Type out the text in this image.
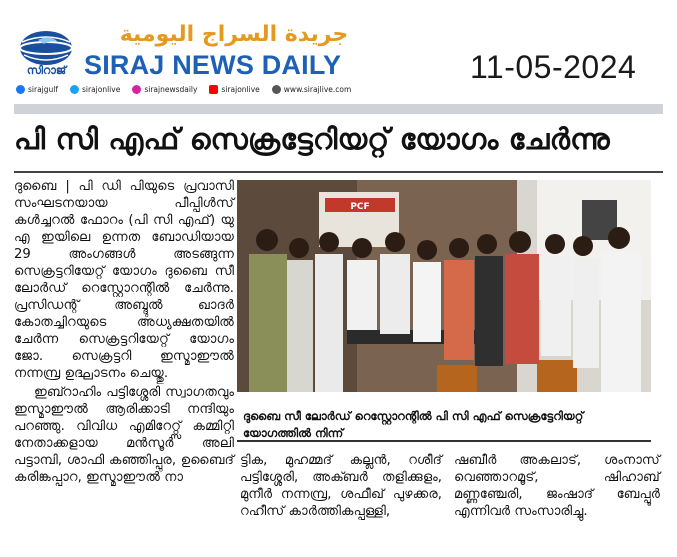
സിറാജ്
جريدة السراج اليومية
SIRAJ NEWS DAILY
sirajgulf	sirajonlive	sirajnewsdaily	sirajonlive	www.sirajlive.com
11-05-2024
പി സി എഫ് സെക്രട്ടേറിയറ്റ് യോഗം ചേർന്നു

ദുബൈ | പി ഡി പിയുടെ പ്രവാസി സംഘടനയായ പീപ്പിൾസ് കൾച്ചറൽ ഫോറം (പി സി എഫ്) യു എ ഇയിലെ ഉന്നത ബോഡിയായ 29 അംഗങ്ങൾ അടങ്ങുന്ന സെക്രട്ടറിയേറ്റ് യോഗം ദുബൈ സീ ലോർഡ് റെസ്റ്റോറന്റിൽ ചേർന്നു. പ്രസിഡന്റ് അബ്ദുൽ ഖാദർ കോതച്ചിറയുടെ അധ്യക്ഷതയിൽ ചേർന്ന സെക്രട്ടറിയേറ്റ് യോഗം ജോ. സെക്രട്ടറി ഇസ്മാഈൽ നന്നമ്പ്ര ഉദ്ഘാടനം ചെയ്തു.

ഇബ്റാഹിം പട്ടിശ്ശേരി സ്വാഗതവും ഇസ്മാഈൽ ആരിക്കാടി നന്ദിയും പറഞ്ഞു. വിവിധ എമിറേറ്റ്സ് കമ്മിറ്റി നേതാക്കളായ മൻസൂർ അലി പട്ടാമ്പി, ശാഫി കഞ്ഞിപ്പുര, ഉബൈദ് കരിങ്കപ്പാറ, ഇസ്മാഈൽ നാ

PCF
ദുബൈ സീ ലോർഡ് റെസ്റ്റോറന്റിൽ പി സി എഫ് സെക്രട്ടേറിയറ്റ് യോഗത്തിൽ നിന്ന്

ട്ടിക, മുഹമ്മദ് കല്ലൻ, റശീദ് പട്ടിശ്ശേരി, അക്ബർ തളിക്കുളം, മുനീർ നന്നമ്പ്ര, ശഫീഖ് പുഴക്കര, റഹീസ് കാർത്തികപ്പള്ളി,

ഷബീർ അകലാട്, ശംനാസ് വെഞ്ഞാറമൂട്, ഷിഹാബ് മണ്ണഞ്ചേരി, ജംഷാദ് ബേപ്പൂർ എന്നിവർ സംസാരിച്ചു.
